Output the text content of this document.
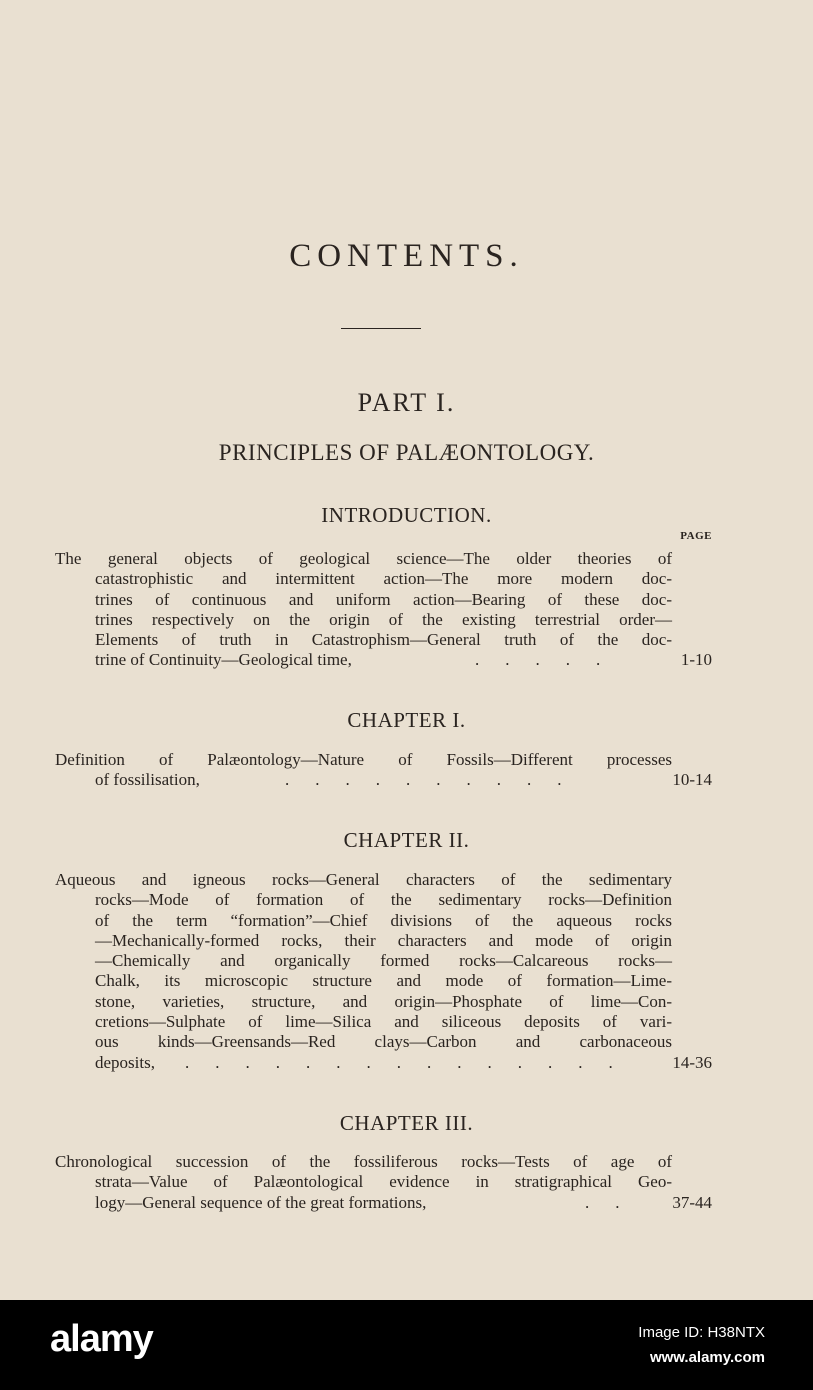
CONTENTS.
PART I.
PRINCIPLES OF PALÆONTOLOGY.
PAGE
INTRODUCTION.
The general objects of geological science—The older theories of
catastrophistic and intermittent action—The more modern doc-
trines of continuous and uniform action—Bearing of these doc-
trines respectively on the origin of the existing terrestrial order—
Elements of truth in Catastrophism—General truth of the doc-
trine of Continuity—Geological time,	.....	1-10
CHAPTER I.
Definition of Palæontology—Nature of Fossils—Different processes
of fossilisation,	..........	10-14
CHAPTER II.
Aqueous and igneous rocks—General characters of the sedimentary
rocks—Mode of formation of the sedimentary rocks—Definition
of the term “formation”—Chief divisions of the aqueous rocks
—Mechanically-formed rocks, their characters and mode of origin
—Chemically and organically formed rocks—Calcareous rocks—
Chalk, its microscopic structure and mode of formation—Lime-
stone, varieties, structure, and origin—Phosphate of lime—Con-
cretions—Sulphate of lime—Silica and siliceous deposits of vari-
ous kinds—Greensands—Red clays—Carbon and carbonaceous
deposits, ............... 14-36
CHAPTER III.
Chronological succession of the fossiliferous rocks—Tests of age of
strata—Value of Palæontological evidence in stratigraphical Geo-
logy—General sequence of the great formations,	.. 37-44
alamy	Image ID: H38NTX
www.alamy.com
